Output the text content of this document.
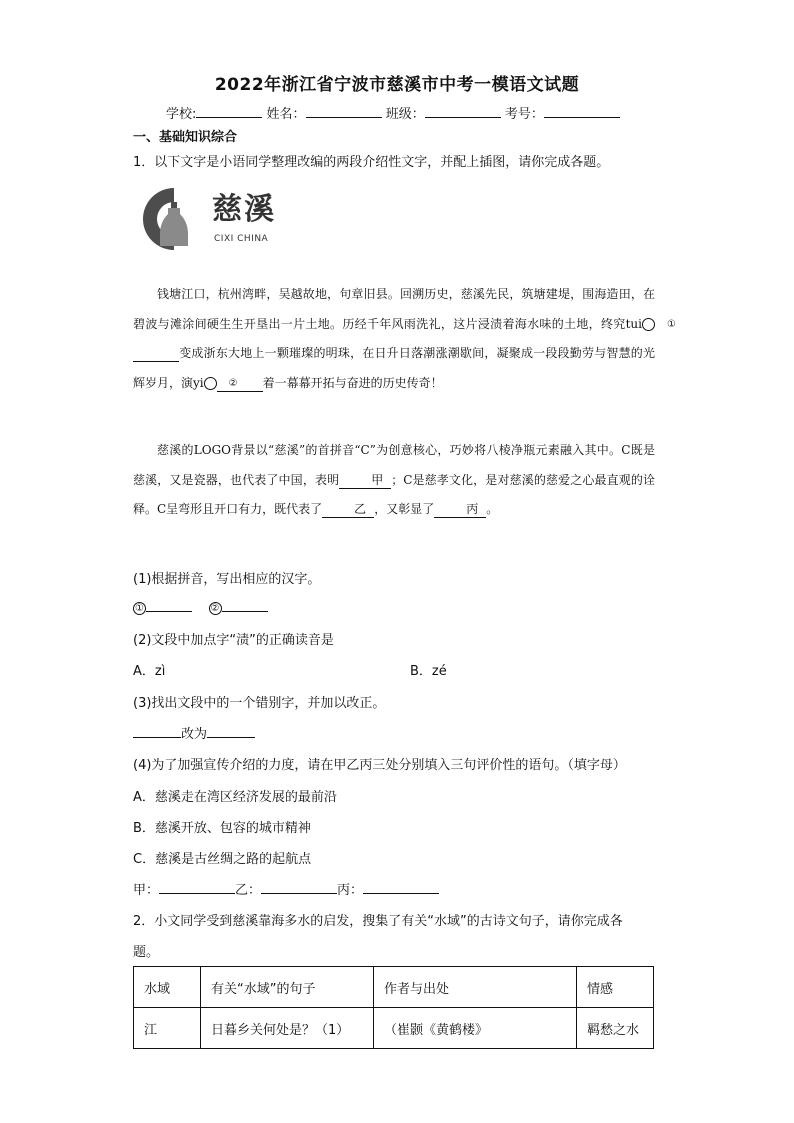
2022年浙江省宁波市慈溪市中考一模语文试题
学校:	姓名：	班级：	考号：
一、基础知识综合
1．以下文字是小语同学整理改编的两段介绍性文字，并配上插图，请你完成各题。
慈溪
CIXI CHINA

钱塘江口，杭州湾畔，吴越故地，句章旧县。回溯历史，慈溪先民，筑塘建堤，围海造田，在碧波与滩涂间硬生生开垦出一片土地。历经千年风雨洗礼，这片浸渍着海水味的土地，终究tui	① 变成浙东大地上一颗璀璨的明珠，在日升日落潮涨潮歇间，凝聚成一段段勤劳与智慧的光辉岁月，演yi	② 着一幕幕开拓与奋进的历史传奇！

慈溪的LOGO背景以“慈溪”的首拼音“C”为创意核心，巧妙将八棱净瓶元素融入其中。C既是慈溪，又是瓷器，也代表了中国，表明	甲 ；C是慈孝文化，是对慈溪的慈爱之心最直观的诠释。C呈弯形且开口有力，既代表了	乙 ，又彰显了	丙 。

(1)根据拼音，写出相应的汉字。
①	②
(2)文段中加点字“渍”的正确读音是
A．zì	B．zé
(3)找出文段中的一个错别字，并加以改正。
改为
(4)为了加强宣传介绍的力度，请在甲乙丙三处分别填入三句评价性的语句。（填字母）
A．慈溪走在湾区经济发展的最前沿
B．慈溪开放、包容的城市精神
C．慈溪是古丝绸之路的起航点
甲：	乙：	丙：
2．小文同学受到慈溪靠海多水的启发，搜集了有关“水域”的古诗文句子，请你完成各
题。
水域	有关“水域”的句子	作者与出处	情感
江	日暮乡关何处是？（1）	（崔颢《黄鹤楼》	羁愁之水
